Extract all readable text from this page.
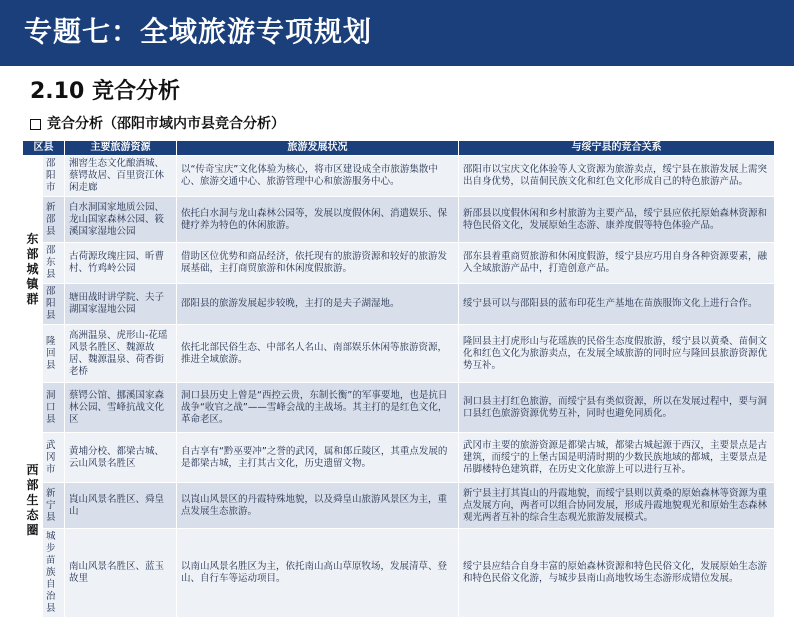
专题七：全域旅游专项规划
2.10 竞合分析
竞合分析（邵阳市域内市县竞合分析）
区县		主要旅游资源	旅游发展状况	与绥宁县的竞合关系
东部城镇群	邵阳市	湘窖生态文化酿酒城、蔡锷故居、百里资江休闲走廊	以“传奇宝庆”文化体验为核心，将市区建设成全市旅游集散中心、旅游交通中心、旅游管理中心和旅游服务中心。	邵阳市以宝庆文化体验等人文资源为旅游卖点，绥宁县在旅游发展上需突出自身优势，以苗侗民族文化和红色文化形成自己的特色旅游产品。
	新邵县	白水洞国家地质公园、龙山国家森林公园、筱溪国家湿地公园	依托白水洞与龙山森林公园等，发展以度假休闲、消遣娱乐、保健疗养为特色的休闲旅游。	新邵县以度假休闲和乡村旅游为主要产品，绥宁县应依托原始森林资源和特色民俗文化，发展原始生态游、康养度假等特色体验产品。
	邵东县	古荷源玫瑰庄园、昕曹村、竹鸡岭公园	借助区位优势和商品经济，依托现有的旅游资源和较好的旅游发展基础，主打商贸旅游和休闲度假旅游。	邵东县着重商贸旅游和休闲度假游，绥宁县应巧用自身各种资源要素，融入全域旅游产品中，打造创意产品。
	邵阳县	塘田战时讲学院、夫子湖国家湿地公园	邵阳县的旅游发展起步较晚，主打的是夫子湖湿地。	绥宁县可以与邵阳县的蓝布印花生产基地在苗族服饰文化上进行合作。
	隆回县	高洲温泉、虎形山-花瑶风景名胜区、魏源故居、魏源温泉、荷香街老桥	依托北部民俗生态、中部名人名山、南部娱乐休闲等旅游资源，推进全域旅游。	隆回县主打虎形山与花瑶族的民俗生态度假旅游，绥宁县以黄桑、苗侗文化和红色文化为旅游卖点，在发展全域旅游的同时应与隆回县旅游资源优势互补。
西部生态圈	洞口县	蔡锷公馆、挪溪国家森林公园、雪峰抗战文化区	洞口县历史上曾是“西控云贵，东制长衡”的军事要地，也是抗日战争“收官之战”——雪峰会战的主战场。其主打的是红色文化，革命老区。	洞口县主打红色旅游，而绥宁县有类似资源，所以在发展过程中，要与洞口县红色旅游资源优势互补，同时也避免同质化。
	武冈市	黄埔分校、都梁古城、云山风景名胜区	自古享有“黔巫要冲”之誉的武冈，属和郎丘陵区，其重点发展的是都梁古城，主打其古文化，历史遗留文物。	武冈市主要的旅游资源是都梁古城，都梁古城起源于西汉，主要景点是古建筑，而绥宁的上堡古国是明清时期的少数民族地域的都城，主要景点是吊脚楼特色建筑群，在历史文化旅游上可以进行互补。
	新宁县	崀山风景名胜区、舜皇山	以崀山风景区的丹霞特殊地貌，以及舜皇山旅游风景区为主，重点发展生态旅游。	新宁县主打其崀山的丹霞地貌，而绥宁县则以黄桑的原始森林等资源为重点发展方向，两者可以组合协同发展，形成丹霞地貌观光和原始生态森林观光两者互补的综合生态观光旅游发展模式。
	城步苗族自治县	南山风景名胜区、蓝玉故里	以南山风景名胜区为主，依托南山高山草原牧场，发展清草、登山、自行车等运动项目。	绥宁县应结合自身丰富的原始森林资源和特色民俗文化，发展原始生态游和特色民俗文化游，与城步县南山高地牧场生态游形成错位发展。
